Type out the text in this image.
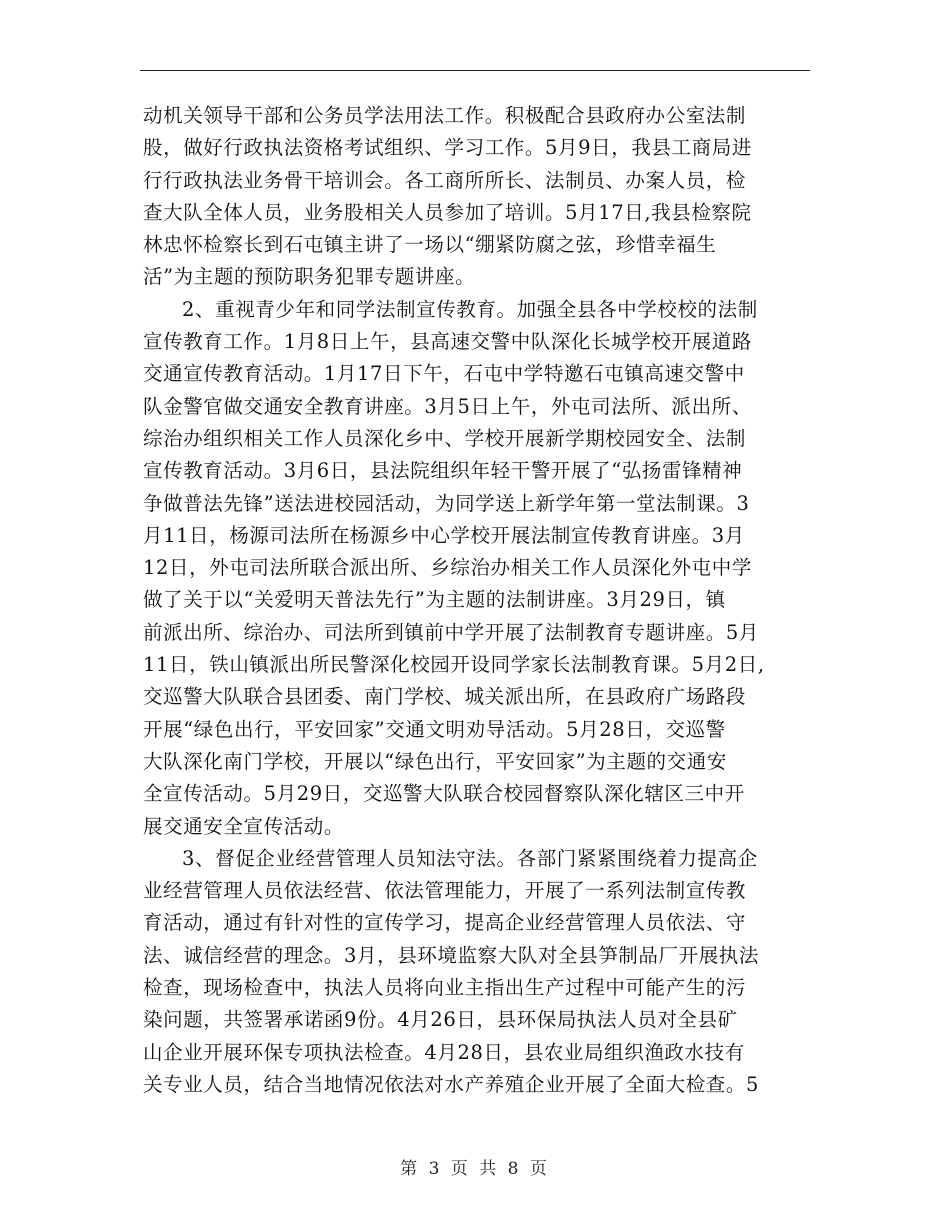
动机关领导干部和公务员学法用法工作。积极配合县政府办公室法制
股，做好行政执法资格考试组织、学习工作。5月9日，我县工商局进
行行政执法业务骨干培训会。各工商所所长、法制员、办案人员，检
查大队全体人员，业务股相关人员参加了培训。5月17日,我县检察院
林忠怀检察长到石屯镇主讲了一场以“绷紧防腐之弦，珍惜幸福生
活”为主题的预防职务犯罪专题讲座。
2、重视青少年和同学法制宣传教育。加强全县各中学校校的法制
宣传教育工作。1月8日上午，县高速交警中队深化长城学校开展道路
交通宣传教育活动。1月17日下午，石屯中学特邀石屯镇高速交警中
队金警官做交通安全教育讲座。3月5日上午，外屯司法所、派出所、
综治办组织相关工作人员深化乡中、学校开展新学期校园安全、法制
宣传教育活动。3月6日，县法院组织年轻干警开展了“弘扬雷锋精神
争做普法先锋”送法进校园活动，为同学送上新学年第一堂法制课。3
月11日，杨源司法所在杨源乡中心学校开展法制宣传教育讲座。3月
12日，外屯司法所联合派出所、乡综治办相关工作人员深化外屯中学
做了关于以“关爱明天普法先行”为主题的法制讲座。3月29日，镇
前派出所、综治办、司法所到镇前中学开展了法制教育专题讲座。5月
11日，铁山镇派出所民警深化校园开设同学家长法制教育课。5月2日,
交巡警大队联合县团委、南门学校、城关派出所，在县政府广场路段
开展“绿色出行，平安回家”交通文明劝导活动。5月28日，交巡警
大队深化南门学校，开展以“绿色出行，平安回家”为主题的交通安
全宣传活动。5月29日，交巡警大队联合校园督察队深化辖区三中开
展交通安全宣传活动。
3、督促企业经营管理人员知法守法。各部门紧紧围绕着力提高企
业经营管理人员依法经营、依法管理能力，开展了一系列法制宣传教
育活动，通过有针对性的宣传学习，提高企业经营管理人员依法、守
法、诚信经营的理念。3月，县环境监察大队对全县笋制品厂开展执法
检查，现场检查中，执法人员将向业主指出生产过程中可能产生的污
染问题，共签署承诺函9份。4月26日，县环保局执法人员对全县矿
山企业开展环保专项执法检查。4月28日，县农业局组织渔政水技有
关专业人员，结合当地情况依法对水产养殖企业开展了全面大检查。5
第 3 页 共 8 页
